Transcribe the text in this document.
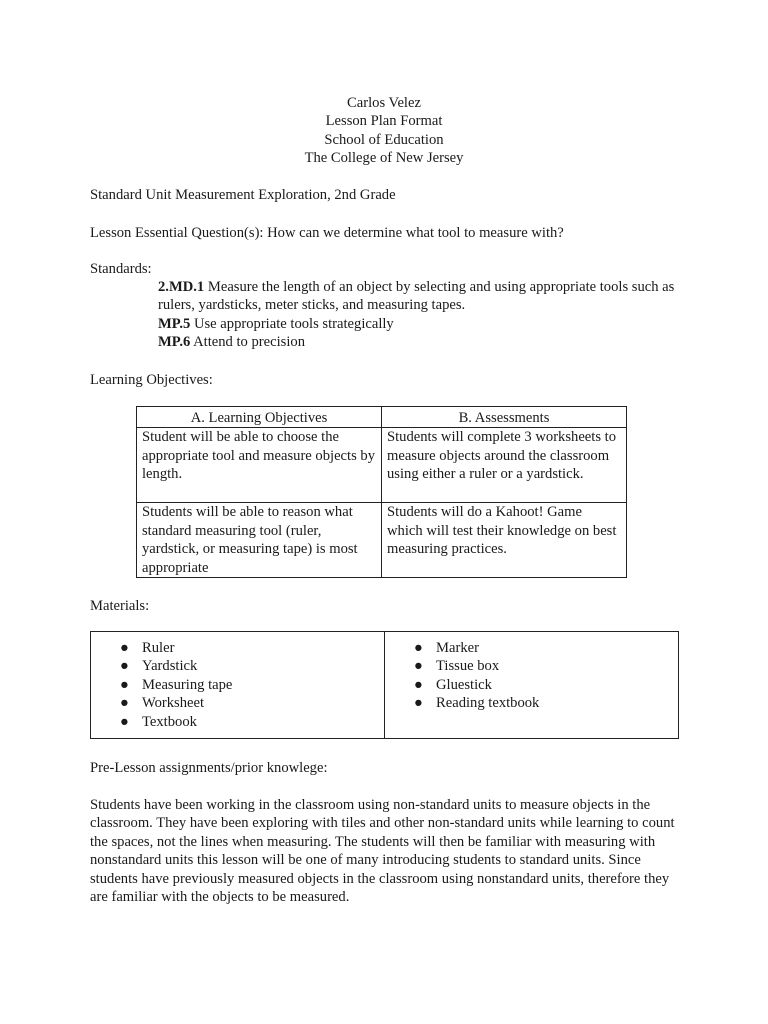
Carlos Velez
Lesson Plan Format
School of Education
The College of New Jersey
Standard Unit Measurement Exploration, 2nd Grade
Lesson Essential Question(s): How can we determine what tool to measure with?
Standards:

2.MD.1 Measure the length of an object by selecting and using appropriate tools such as rulers, yardsticks, meter sticks, and measuring tapes.

MP.5 Use appropriate tools strategically

MP.6 Attend to precision

Learning Objectives:
A. Learning Objectives	B. Assessments
Student will be able to choose the appropriate tool and measure objects by length.	Students will complete 3 worksheets to measure objects around the classroom using either a ruler or a yardstick.
Students will be able to reason what standard measuring tool (ruler, yardstick, or measuring tape) is most appropriate	Students will do a Kahoot! Game which will test their knowledge on best measuring practices.
Materials:
● Ruler
● Yardstick
● Measuring tape
● Worksheet
● Textbook

● Marker
● Tissue box
● Gluestick
● Reading textbook
Pre-Lesson assignments/prior knowlege:
Students have been working in the classroom using non-standard units to measure objects in the classroom. They have been exploring with tiles and other non-standard units while learning to count the spaces, not the lines when measuring. The students will then be familiar with measuring with nonstandard units this lesson will be one of many introducing students to standard units. Since students have previously measured objects in the classroom using nonstandard units, therefore they are familiar with the objects to be measured.
